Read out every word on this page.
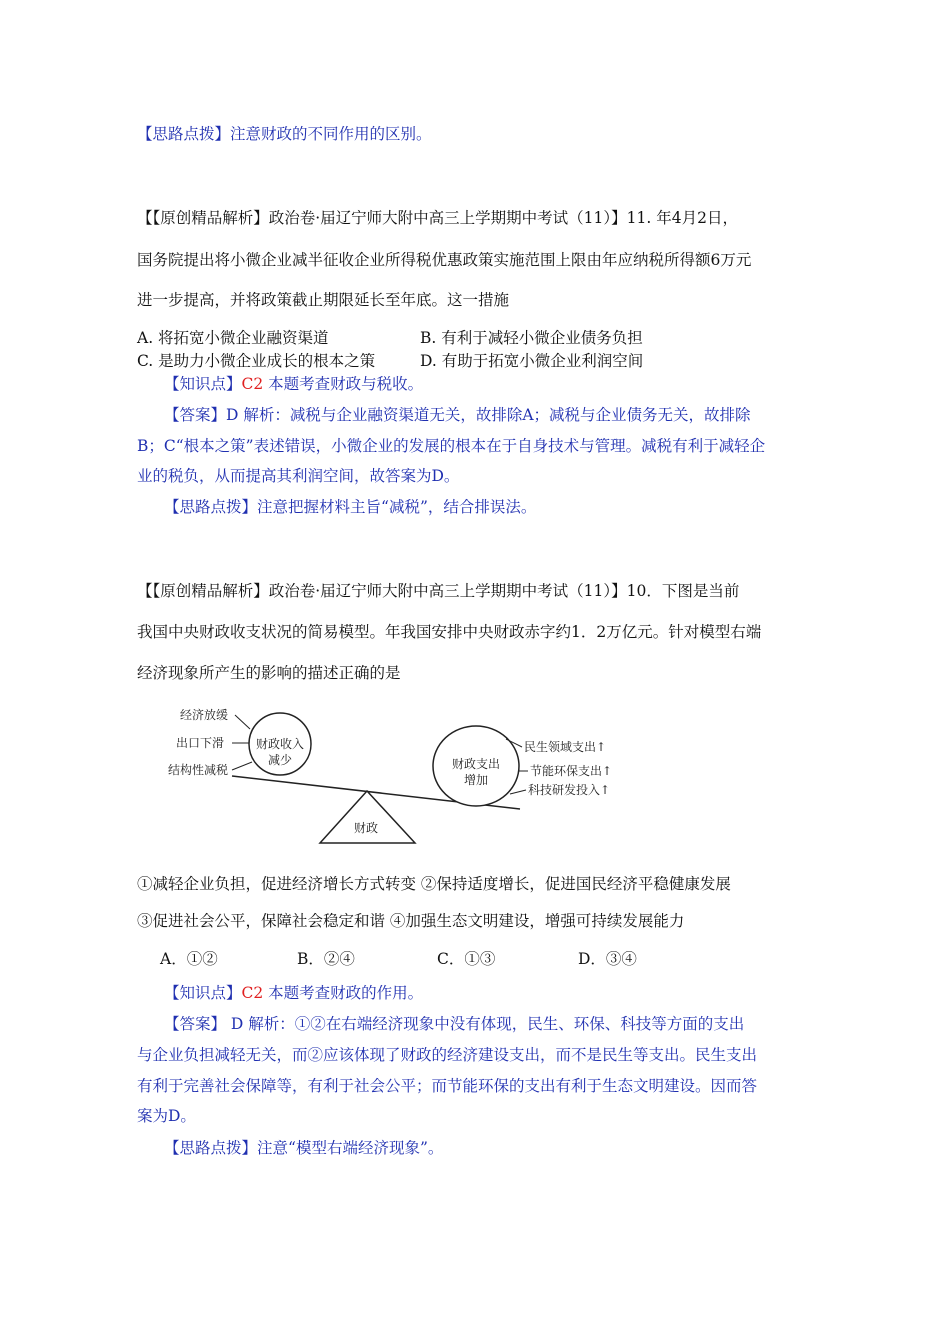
【思路点拨】注意财政的不同作用的区别。
【【原创精品解析】政治卷·届辽宁师大附中高三上学期期中考试（11）】11. 年4月2日，
国务院提出将小微企业减半征收企业所得税优惠政策实施范围上限由年应纳税所得额6万元
进一步提高，并将政策截止期限延长至年底。这一措施
A. 将拓宽小微企业融资渠道	B. 有利于减轻小微企业债务负担
C. 是助力小微企业成长的根本之策	D. 有助于拓宽小微企业利润空间
【知识点】C2 本题考查财政与税收。
【答案】D 解析：减税与企业融资渠道无关，故排除A；减税与企业债务无关，故排除
B；C“根本之策”表述错误，小微企业的发展的根本在于自身技术与管理。减税有利于减轻企
业的税负，从而提高其利润空间，故答案为D。
【思路点拨】注意把握材料主旨“减税”，结合排误法。
【【原创精品解析】政治卷·届辽宁师大附中高三上学期期中考试（11）】10．下图是当前
我国中央财政收支状况的简易模型。年我国安排中央财政赤字约1．2万亿元。针对模型右端
经济现象所产生的影响的描述正确的是
财政收入
减少
经济放缓
出口下滑
结构性减税	财政支出
增加
民生领域支出↑
节能环保支出↑
科技研发投入↑
财政
①减轻企业负担，促进经济增长方式转变 ②保持适度增长，促进国民经济平稳健康发展
③促进社会公平，保障社会稳定和谐 ④加强生态文明建设，增强可持续发展能力
A．①②	B．②④	C．①③	D．③④
【知识点】C2 本题考查财政的作用。
【答案】 D 解析：①②在右端经济现象中没有体现，民生、环保、科技等方面的支出
与企业负担减轻无关，而②应该体现了财政的经济建设支出，而不是民生等支出。民生支出
有利于完善社会保障等，有利于社会公平；而节能环保的支出有利于生态文明建设。因而答
案为D。
【思路点拨】注意“模型右端经济现象”。
